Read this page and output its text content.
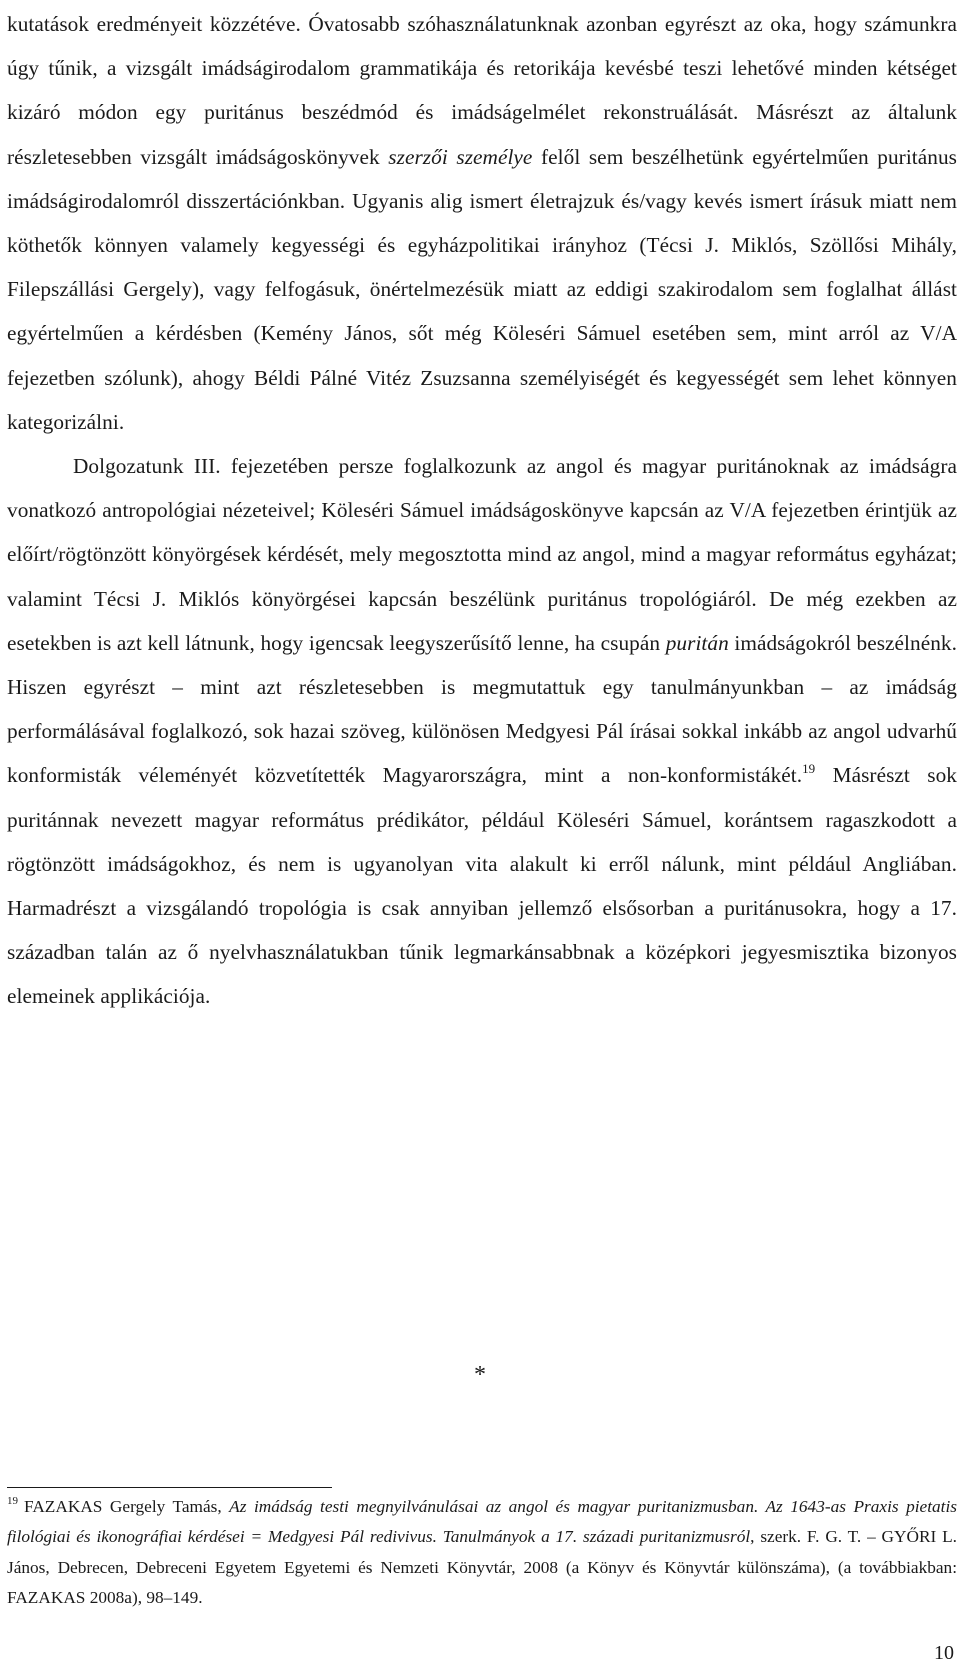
kutatások eredményeit közzétéve. Óvatosabb szóhasználatunknak azonban egyrészt az oka, hogy számunkra úgy tűnik, a vizsgált imádságirodalom grammatikája és retorikája kevésbé teszi lehetővé minden kétséget kizáró módon egy puritánus beszédmód és imádságelmélet rekonstruálását. Másrészt az általunk részletesebben vizsgált imádságoskönyvek szerzői személye felől sem beszélhetünk egyértelműen puritánus imádságirodalomról disszertációnkban. Ugyanis alig ismert életrajzuk és/vagy kevés ismert írásuk miatt nem köthetők könnyen valamely kegyességi és egyházpolitikai irányhoz (Técsi J. Miklós, Szöllősi Mihály, Filepszállási Gergely), vagy felfogásuk, önértelmezésük miatt az eddigi szakirodalom sem foglalhat állást egyértelműen a kérdésben (Kemény János, sőt még Köleséri Sámuel esetében sem, mint arról az V/A fejezetben szólunk), ahogy Béldi Pálné Vitéz Zsuzsanna személyiségét és kegyességét sem lehet könnyen kategorizálni.

Dolgozatunk III. fejezetében persze foglalkozunk az angol és magyar puritánoknak az imádságra vonatkozó antropológiai nézeteivel; Köleséri Sámuel imádságoskönyve kapcsán az V/A fejezetben érintjük az előírt/rögtönzött könyörgések kérdését, mely megosztotta mind az angol, mind a magyar református egyházat; valamint Técsi J. Miklós könyörgései kapcsán beszélünk puritánus tropológiáról. De még ezekben az esetekben is azt kell látnunk, hogy igencsak leegyszerűsítő lenne, ha csupán puritán imádságokról beszélnénk. Hiszen egyrészt – mint azt részletesebben is megmutattuk egy tanulmányunkban – az imádság performálásával foglalkozó, sok hazai szöveg, különösen Medgyesi Pál írásai sokkal inkább az angol udvarhű konformisták véleményét közvetítették Magyarországra, mint a non-konformistákét.$^{19}$ Másrészt sok puritánnak nevezett magyar református prédikátor, például Köleséri Sámuel, korántsem ragaszkodott a rögtönzött imádságokhoz, és nem is ugyanolyan vita alakult ki erről nálunk, mint például Angliában. Harmadrészt a vizsgálandó tropológia is csak annyiban jellemző elsősorban a puritánusokra, hogy a 17. században talán az ő nyelvhasználatukban tűnik legmarkánsabbnak a középkori jegyesmisztika bizonyos elemeinek applikációja.

*
$^{19}$ FAZAKAS Gergely Tamás, Az imádság testi megnyilvánulásai az angol és magyar puritanizmusban. Az 1643-as Praxis pietatis filológiai és ikonográfiai kérdései = Medgyesi Pál redivivus. Tanulmányok a 17. századi puritanizmusról, szerk. F. G. T. – GYŐRI L. János, Debrecen, Debreceni Egyetem Egyetemi és Nemzeti Könyvtár, 2008 (a Könyv és Könyvtár különszáma), (a továbbiakban: FAZAKAS 2008a), 98–149.
10
